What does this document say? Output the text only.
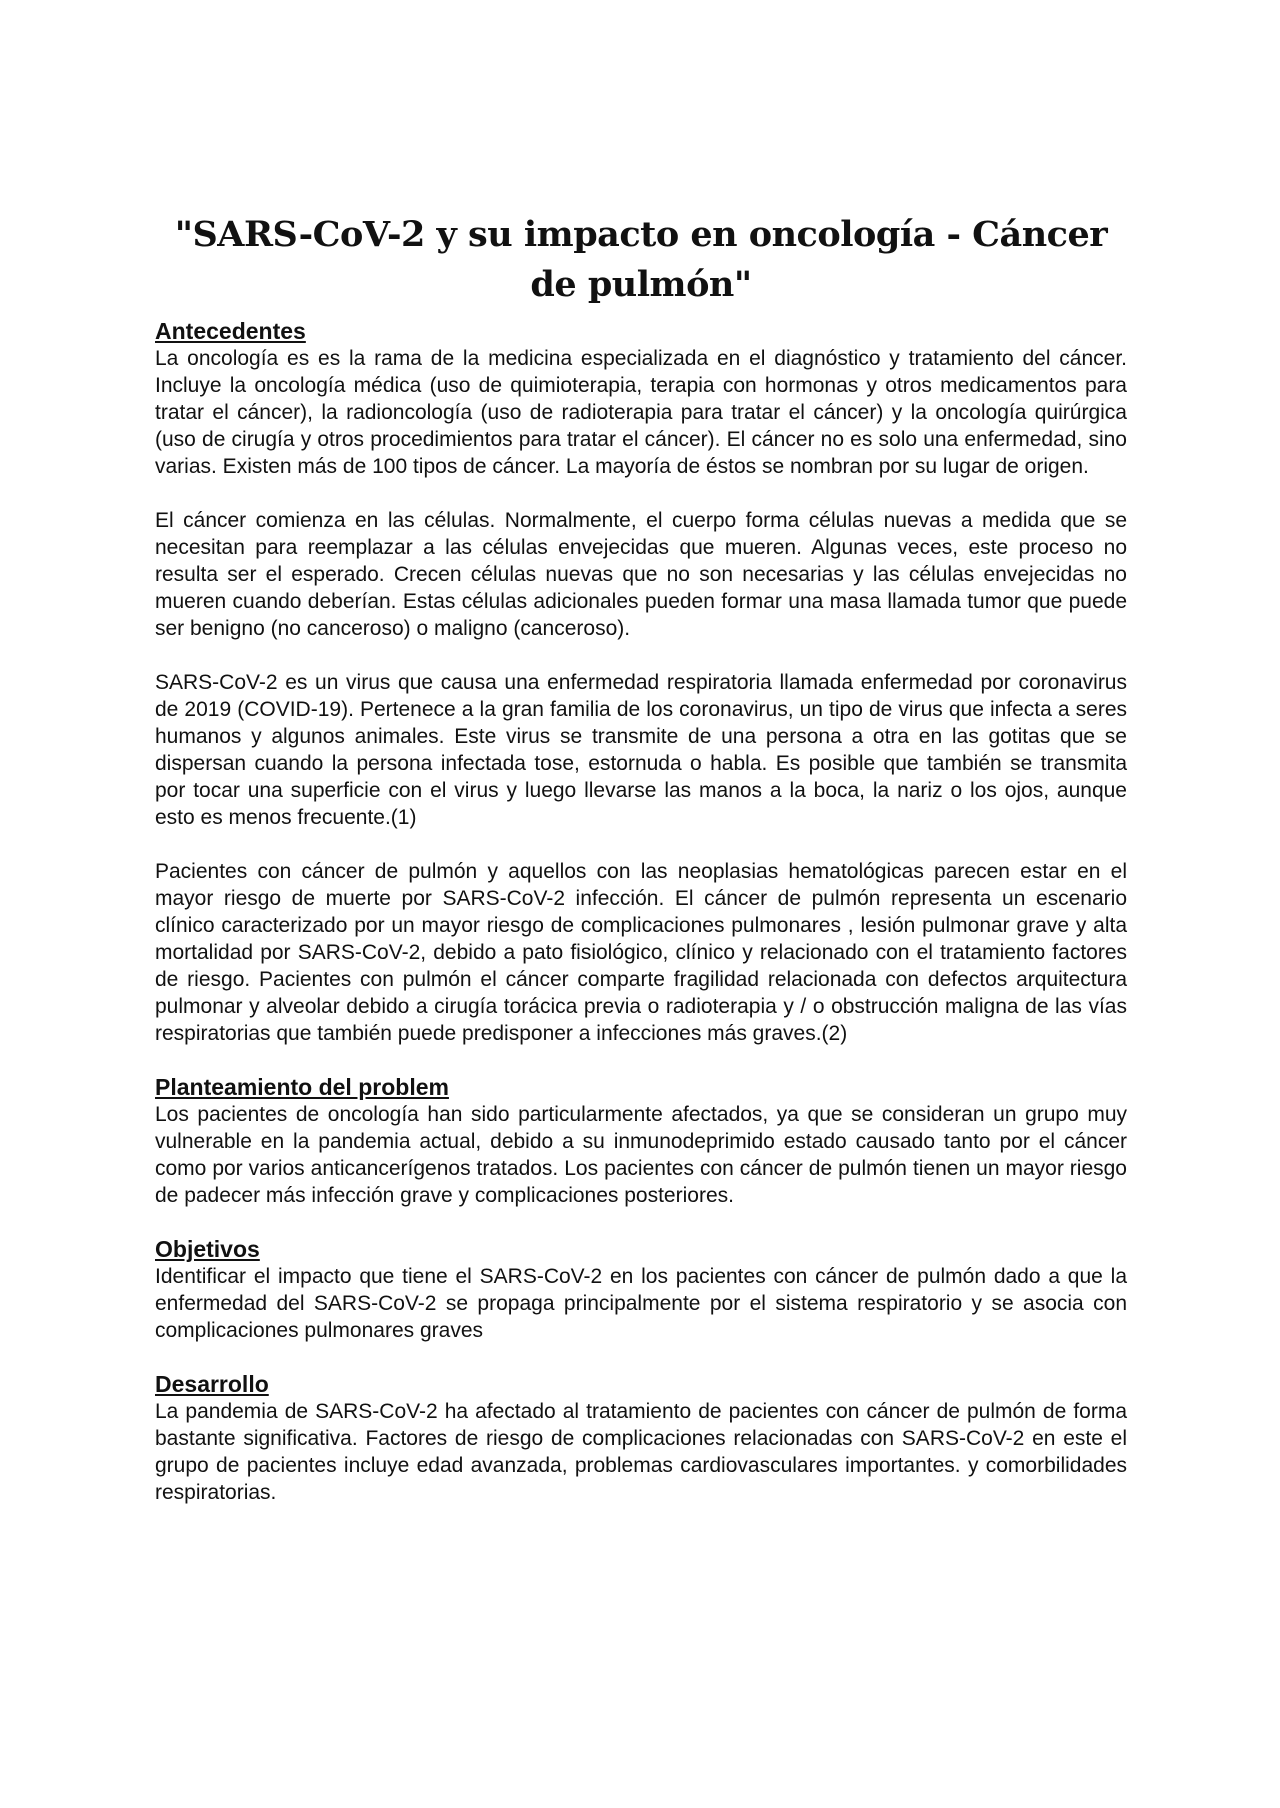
"SARS-CoV-2 y su impacto en oncología - Cáncer de pulmón"
Antecedentes

La oncología es es la rama de la medicina especializada en el diagnóstico y tratamiento del cáncer. Incluye la oncología médica (uso de quimioterapia, terapia con hormonas y otros medicamentos para tratar el cáncer), la radioncología (uso de radioterapia para tratar el cáncer) y la oncología quirúrgica (uso de cirugía y otros procedimientos para tratar el cáncer). El cáncer no es solo una enfermedad, sino varias. Existen más de 100 tipos de cáncer. La mayoría de éstos se nombran por su lugar de origen.

El cáncer comienza en las células. Normalmente, el cuerpo forma células nuevas a medida que se necesitan para reemplazar a las células envejecidas que mueren. Algunas veces, este proceso no resulta ser el esperado. Crecen células nuevas que no son necesarias y las células envejecidas no mueren cuando deberían. Estas células adicionales pueden formar una masa llamada tumor que puede ser benigno (no canceroso) o maligno (canceroso).

SARS-CoV-2 es un virus que causa una enfermedad respiratoria llamada enfermedad por coronavirus de 2019 (COVID-19). Pertenece a la gran familia de los coronavirus, un tipo de virus que infecta a seres humanos y algunos animales. Este virus se transmite de una persona a otra en las gotitas que se dispersan cuando la persona infectada tose, estornuda o habla. Es posible que también se transmita por tocar una superficie con el virus y luego llevarse las manos a la boca, la nariz o los ojos, aunque esto es menos frecuente.(1)

Pacientes con cáncer de pulmón y aquellos con las neoplasias hematológicas parecen estar en el mayor riesgo de muerte por SARS-CoV-2 infección. El cáncer de pulmón representa un escenario clínico caracterizado por un mayor riesgo de complicaciones pulmonares , lesión pulmonar grave y alta mortalidad por SARS-CoV-2, debido a pato fisiológico, clínico y relacionado con el tratamiento factores de riesgo. Pacientes con pulmón el cáncer comparte fragilidad relacionada con defectos arquitectura pulmonar y alveolar debido a cirugía torácica previa o radioterapia y / o obstrucción maligna de las vías respiratorias que también puede predisponer a infecciones más graves.(2)

Planteamiento del problem

Los pacientes de oncología han sido particularmente afectados, ya que se consideran un grupo muy vulnerable en la pandemia actual, debido a su inmunodeprimido estado causado tanto por el cáncer como por varios anticancerígenos tratados. Los pacientes con cáncer de pulmón tienen un mayor riesgo de padecer más infección grave y complicaciones posteriores.

Objetivos

Identificar el impacto que tiene el SARS-CoV-2 en los pacientes con cáncer de pulmón dado a que la enfermedad del SARS-CoV-2 se propaga principalmente por el sistema respiratorio y se asocia con complicaciones pulmonares graves

Desarrollo

La pandemia de SARS-CoV-2 ha afectado al tratamiento de pacientes con cáncer de pulmón de forma bastante significativa. Factores de riesgo de complicaciones relacionadas con SARS-CoV-2 en este el grupo de pacientes incluye edad avanzada, problemas cardiovasculares importantes. y comorbilidades respiratorias.
